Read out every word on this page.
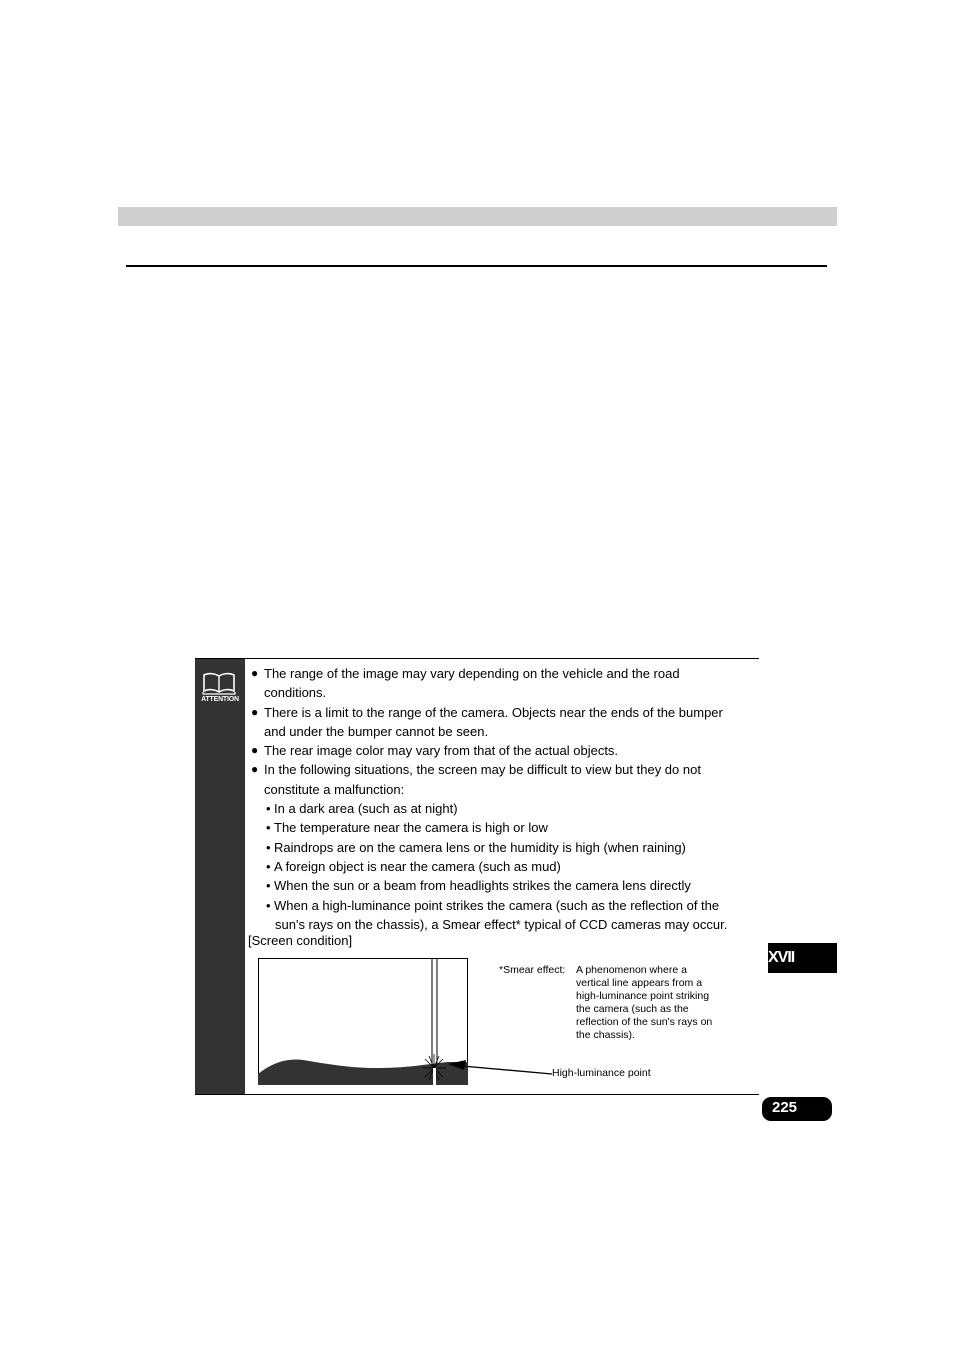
ATTENTION
● The range of the image may vary depending on the vehicle and the road
conditions.
● There is a limit to the range of the camera. Objects near the ends of the bumper
and under the bumper cannot be seen.
● The rear image color may vary from that of the actual objects.
● In the following situations, the screen may be difficult to view but they do not
constitute a malfunction:
• In a dark area (such as at night)
• The temperature near the camera is high or low
• Raindrops are on the camera lens or the humidity is high (when raining)
• A foreign object is near the camera (such as mud)
• When the sun or a beam from headlights strikes the camera lens directly
• When a high-luminance point strikes the camera (such as the reflection of the
sun's rays on the chassis), a Smear effect* typical of CCD cameras may occur.
[Screen condition]
*Smear effect: A phenomenon where a
vertical line appears from a
high-luminance point striking
the camera (such as the
reflection of the sun's rays on
the chassis).
High-luminance point
XVII
225
